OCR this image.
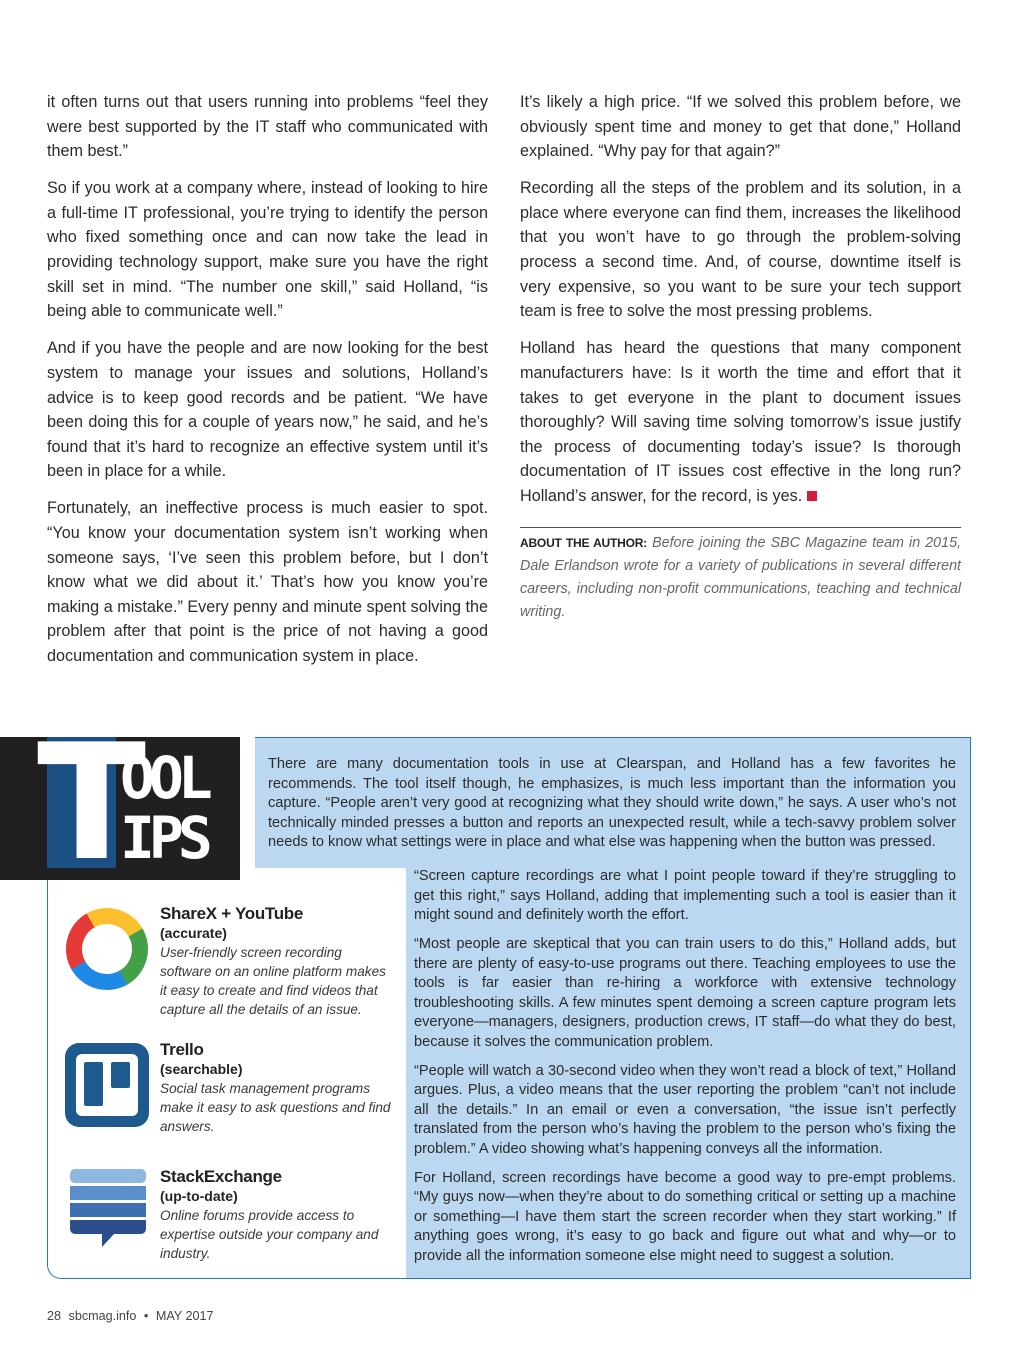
it often turns out that users running into problems “feel they were best supported by the IT staff who communicated with them best.”

So if you work at a company where, instead of looking to hire a full-time IT professional, you’re trying to identify the person who fixed something once and can now take the lead in providing technology support, make sure you have the right skill set in mind. “The number one skill,” said Holland, “is being able to communicate well.”

And if you have the people and are now looking for the best system to manage your issues and solutions, Holland’s advice is to keep good records and be patient. “We have been doing this for a couple of years now,” he said, and he’s found that it’s hard to recognize an effective system until it’s been in place for a while.

Fortunately, an ineffective process is much easier to spot. “You know your documentation system isn’t working when someone says, ‘I’ve seen this problem before, but I don’t know what we did about it.’ That’s how you know you’re making a mistake.” Every penny and minute spent solving the problem after that point is the price of not having a good documentation and communication system in place.

It’s likely a high price. “If we solved this problem before, we obviously spent time and money to get that done,” Holland explained. “Why pay for that again?”

Recording all the steps of the problem and its solution, in a place where everyone can find them, increases the likelihood that you won’t have to go through the problem-solving process a second time. And, of course, downtime itself is very expensive, so you want to be sure your tech support team is free to solve the most pressing problems.

Holland has heard the questions that many component manufacturers have: Is it worth the time and effort that it takes to get everyone in the plant to document issues thoroughly? Will saving time solving tomorrow’s issue justify the process of documenting today’s issue? Is thorough documentation of IT issues cost effective in the long run? Holland’s answer, for the record, is yes.

ABOUT THE AUTHOR: Before joining the SBC Magazine team in 2015, Dale Erlandson wrote for a variety of publications in several different careers, including non-profit communications, teaching and technical writing.
T
OOL
IPS
There are many documentation tools in use at Clearspan, and Holland has a few favorites he recommends. The tool itself though, he emphasizes, is much less important than the information you capture. “People aren’t very good at recognizing what they should write down,” he says. A user who’s not technically minded presses a button and reports an unexpected result, while a tech-savvy problem solver needs to know what settings were in place and what else was happening when the button was pressed.

“Screen capture recordings are what I point people toward if they’re struggling to get this right,” says Holland, adding that implementing such a tool is easier than it might sound and definitely worth the effort.

“Most people are skeptical that you can train users to do this,” Holland adds, but there are plenty of easy-to-use programs out there. Teaching employees to use the tools is far easier than re-hiring a workforce with extensive technology troubleshooting skills. A few minutes spent demoing a screen capture program lets everyone—managers, designers, production crews, IT staff—do what they do best, because it solves the communication problem.

“People will watch a 30-second video when they won’t read a block of text,” Holland argues. Plus, a video means that the user reporting the problem “can’t not include all the details.” In an email or even a conversation, “the issue isn’t perfectly translated from the person who’s having the problem to the person who’s fixing the problem.” A video showing what’s happening conveys all the information.

For Holland, screen recordings have become a good way to pre-empt problems. “My guys now—when they’re about to do something critical or setting up a machine or something—I have them start the screen recorder when they start working.” If anything goes wrong, it’s easy to go back and figure out what and why—or to provide all the information someone else might need to suggest a solution.

ShareX + YouTube
(accurate)
User-friendly screen recording software on an online platform makes it easy to create and find videos that capture all the details of an issue.
Trello
(searchable)
Social task management programs make it easy to ask questions and find answers.
StackExchange
(up-to-date)
Online forums provide access to expertise outside your company and industry.
28 sbcmag.info • MAY 2017
